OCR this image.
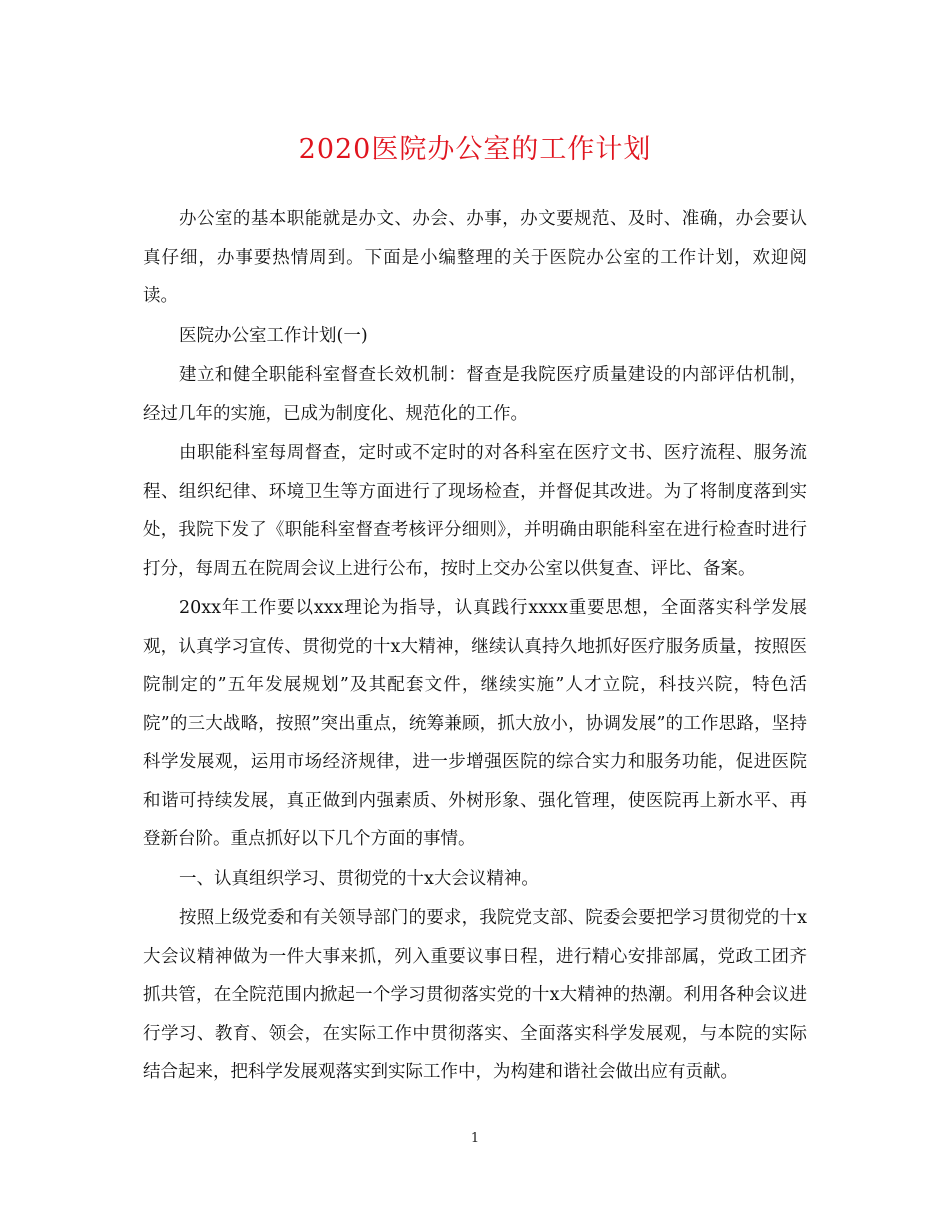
2020医院办公室的工作计划

办公室的基本职能就是办文、办会、办事，办文要规范、及时、准确，办会要认真仔细，办事要热情周到。下面是小编整理的关于医院办公室的工作计划，欢迎阅读。

医院办公室工作计划(一)

建立和健全职能科室督查长效机制：督查是我院医疗质量建设的内部评估机制，经过几年的实施，已成为制度化、规范化的工作。

由职能科室每周督查，定时或不定时的对各科室在医疗文书、医疗流程、服务流程、组织纪律、环境卫生等方面进行了现场检查，并督促其改进。为了将制度落到实处，我院下发了《职能科室督查考核评分细则》，并明确由职能科室在进行检查时进行打分，每周五在院周会议上进行公布，按时上交办公室以供复查、评比、备案。

20xx年工作要以xxx理论为指导，认真践行xxxx重要思想，全面落实科学发展观，认真学习宣传、贯彻党的十x大精神，继续认真持久地抓好医疗服务质量，按照医院制定的”五年发展规划”及其配套文件，继续实施”人才立院，科技兴院，特色活院”的三大战略，按照”突出重点，统筹兼顾，抓大放小，协调发展”的工作思路，坚持科学发展观，运用市场经济规律，进一步增强医院的综合实力和服务功能，促进医院和谐可持续发展，真正做到内强素质、外树形象、强化管理，使医院再上新水平、再登新台阶。重点抓好以下几个方面的事情。

一、认真组织学习、贯彻党的十x大会议精神。

按照上级党委和有关领导部门的要求，我院党支部、院委会要把学习贯彻党的十x大会议精神做为一件大事来抓，列入重要议事日程，进行精心安排部属，党政工团齐抓共管，在全院范围内掀起一个学习贯彻落实党的十x大精神的热潮。利用各种会议进行学习、教育、领会，在实际工作中贯彻落实、全面落实科学发展观，与本院的实际结合起来，把科学发展观落实到实际工作中，为构建和谐社会做出应有贡献。

1
